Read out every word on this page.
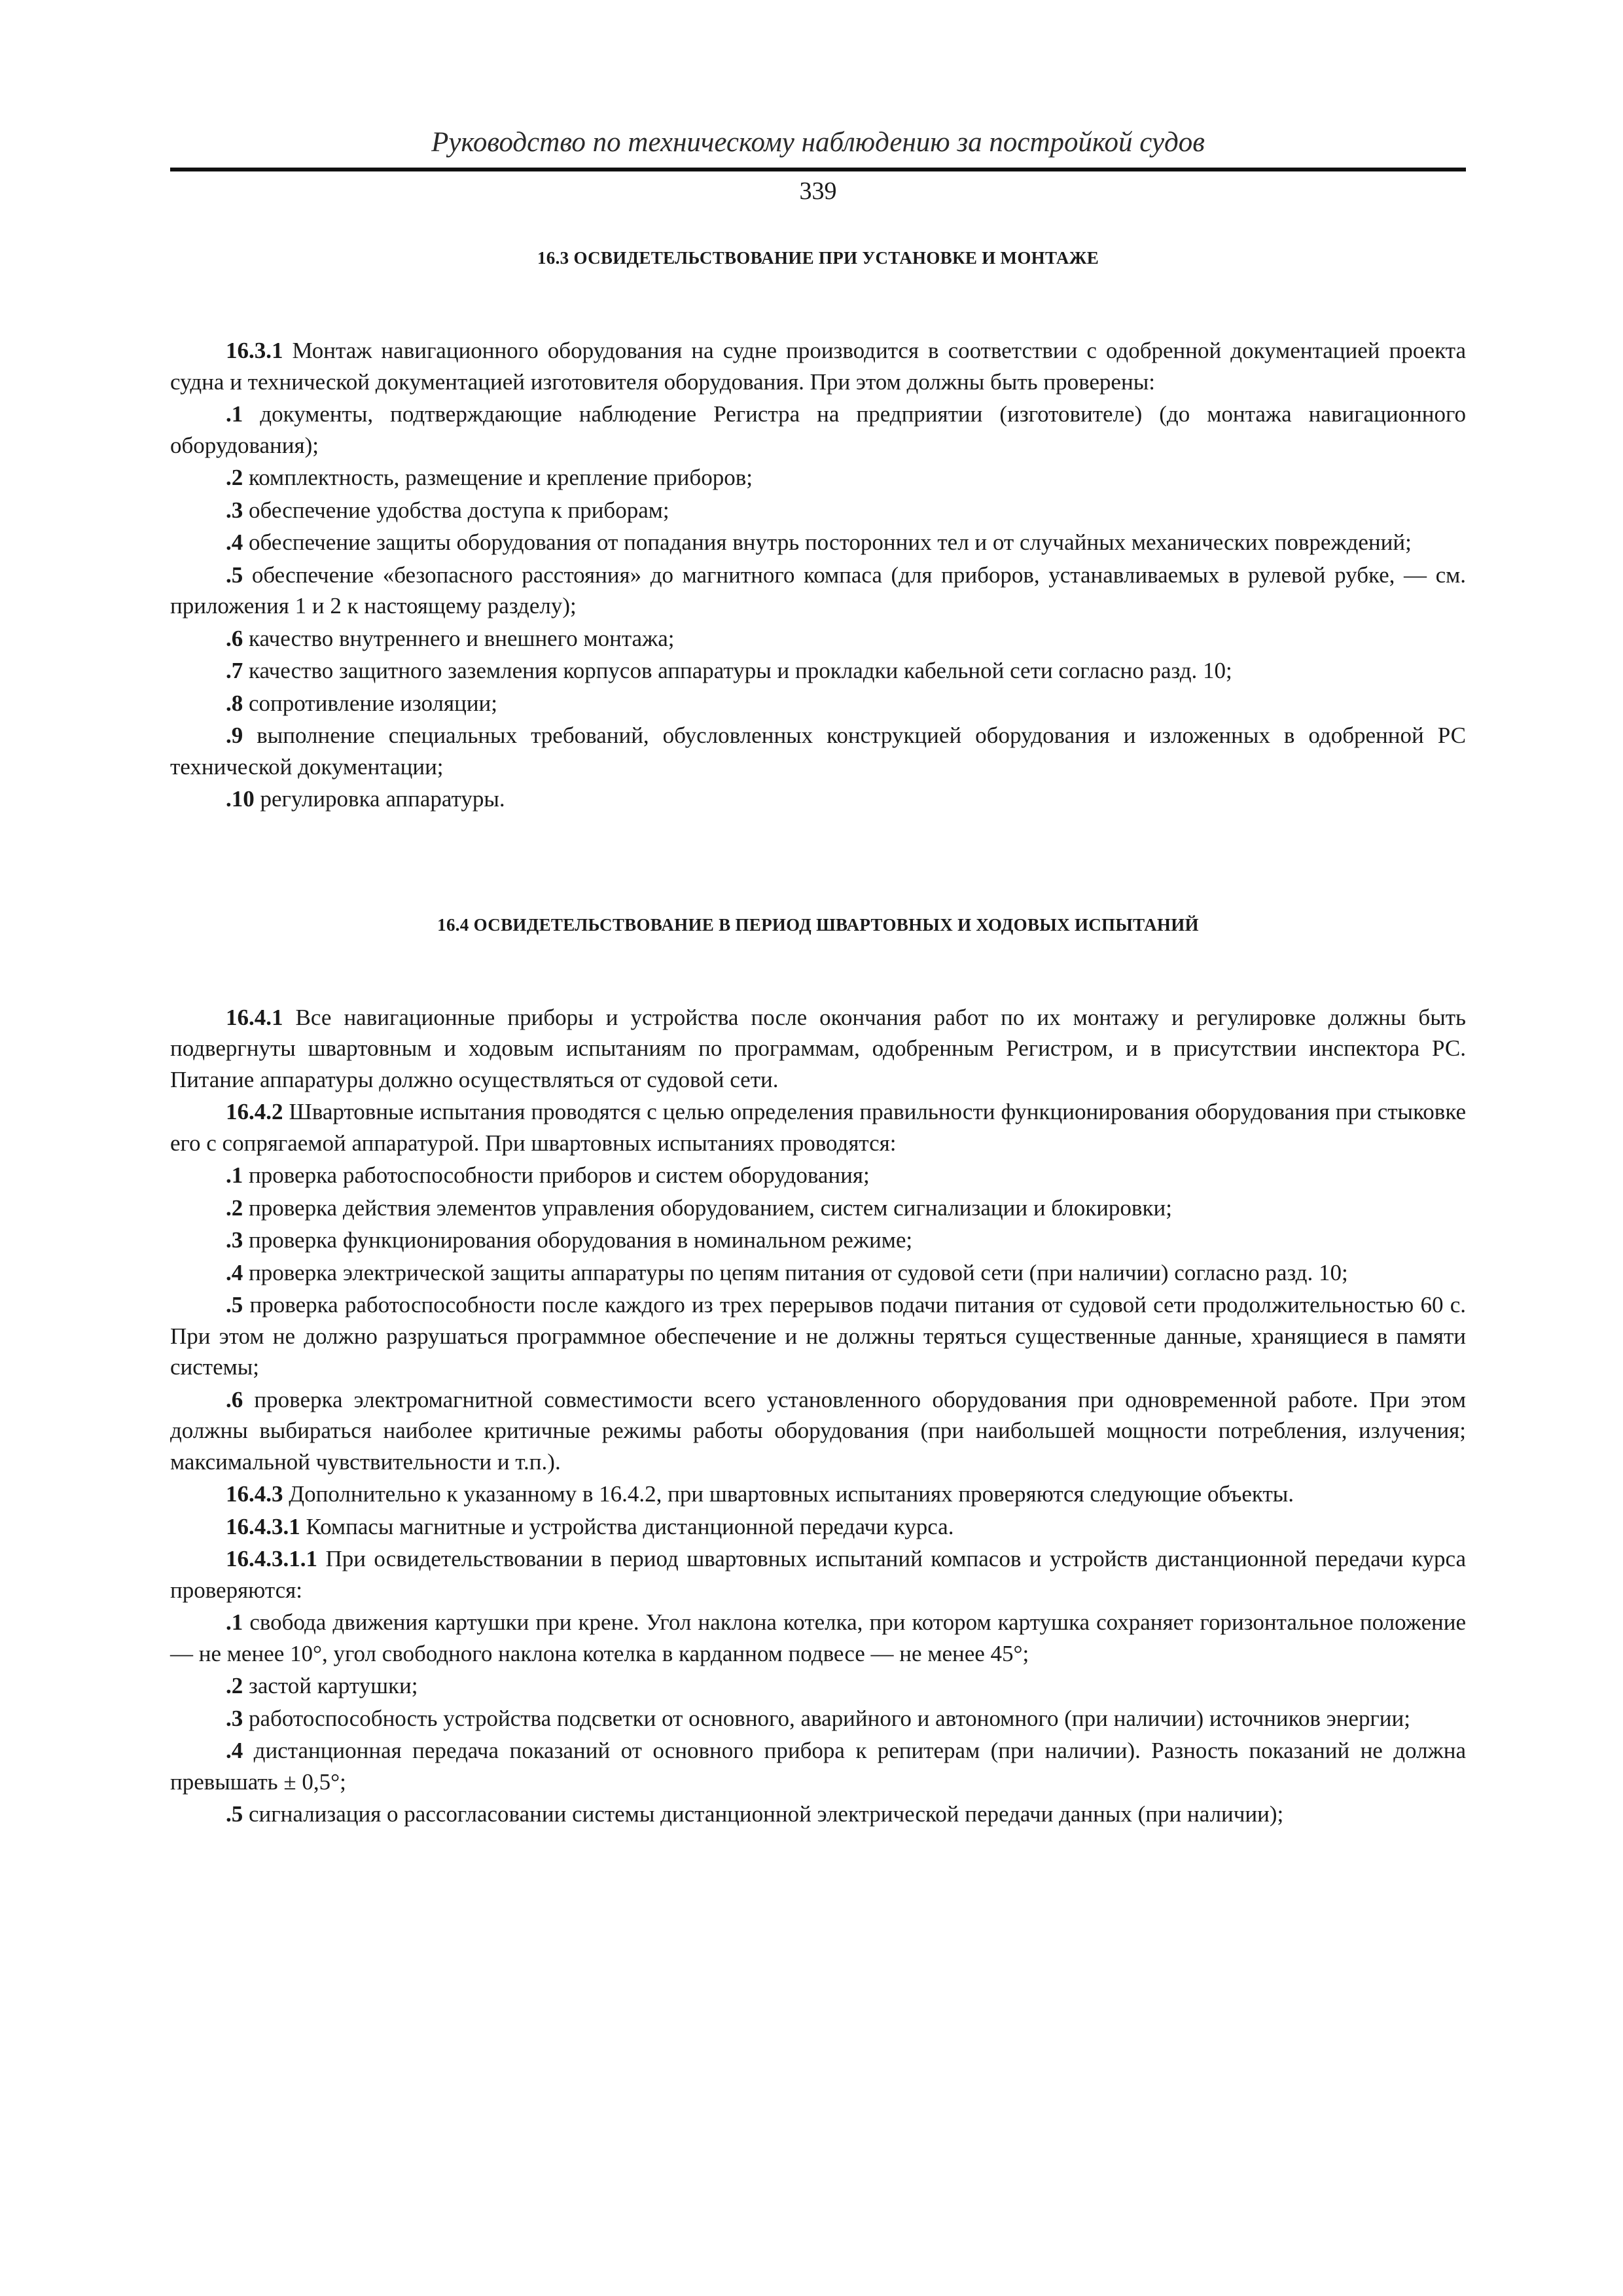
Руководство по техническому наблюдению за постройкой судов
339
16.3 ОСВИДЕТЕЛЬСТВОВАНИЕ ПРИ УСТАНОВКЕ И МОНТАЖЕ

16.3.1 Монтаж навигационного оборудования на судне производится в соответствии с одобренной документацией проекта судна и технической документацией изготовителя оборудования. При этом должны быть проверены:

.1 документы, подтверждающие наблюдение Регистра на предприятии (изготовителе) (до монтажа навигационного оборудования);

.2 комплектность, размещение и крепление приборов;

.3 обеспечение удобства доступа к приборам;

.4 обеспечение защиты оборудования от попадания внутрь посторонних тел и от случайных механических повреждений;

.5 обеспечение «безопасного расстояния» до магнитного компаса (для приборов, устанавливаемых в рулевой рубке, — см. приложения 1 и 2 к настоящему разделу);

.6 качество внутреннего и внешнего монтажа;

.7 качество защитного заземления корпусов аппаратуры и прокладки кабельной сети согласно разд. 10;

.8 сопротивление изоляции;

.9 выполнение специальных требований, обусловленных конструкцией оборудования и изложенных в одобренной РС технической документации;

.10 регулировка аппаратуры.

16.4 ОСВИДЕТЕЛЬСТВОВАНИЕ В ПЕРИОД ШВАРТОВНЫХ И ХОДОВЫХ ИСПЫТАНИЙ

16.4.1 Все навигационные приборы и устройства после окончания работ по их монтажу и регулировке должны быть подвергнуты швартовным и ходовым испытаниям по программам, одобренным Регистром, и в присутствии инспектора РС. Питание аппаратуры должно осуществляться от судовой сети.

16.4.2 Швартовные испытания проводятся с целью определения правильности функционирования оборудования при стыковке его с сопрягаемой аппаратурой. При швартовных испытаниях проводятся:

.1 проверка работоспособности приборов и систем оборудования;

.2 проверка действия элементов управления оборудованием, систем сигнализации и блокировки;

.3 проверка функционирования оборудования в номинальном режиме;

.4 проверка электрической защиты аппаратуры по цепям питания от судовой сети (при наличии) согласно разд. 10;

.5 проверка работоспособности после каждого из трех перерывов подачи питания от судовой сети продолжительностью 60 с. При этом не должно разрушаться программное обеспечение и не должны теряться существенные данные, хранящиеся в памяти системы;

.6 проверка электромагнитной совместимости всего установленного оборудования при одновременной работе. При этом должны выбираться наиболее критичные режимы работы оборудования (при наибольшей мощности потребления, излучения; максимальной чувствительности и т.п.).

16.4.3 Дополнительно к указанному в 16.4.2, при швартовных испытаниях проверяются следующие объекты.

16.4.3.1 Компасы магнитные и устройства дистанционной передачи курса.

16.4.3.1.1 При освидетельствовании в период швартовных испытаний компасов и устройств дистанционной передачи курса проверяются:

.1 свобода движения картушки при крене. Угол наклона котелка, при котором картушка сохраняет горизонтальное положение — не менее 10°, угол свободного наклона котелка в карданном подвесе — не менее 45°;

.2 застой картушки;

.3 работоспособность устройства подсветки от основного, аварийного и автономного (при наличии) источников энергии;

.4 дистанционная передача показаний от основного прибора к репитерам (при наличии). Разность показаний не должна превышать ± 0,5°;

.5 сигнализация о рассогласовании системы дистанционной электрической передачи данных (при наличии);
